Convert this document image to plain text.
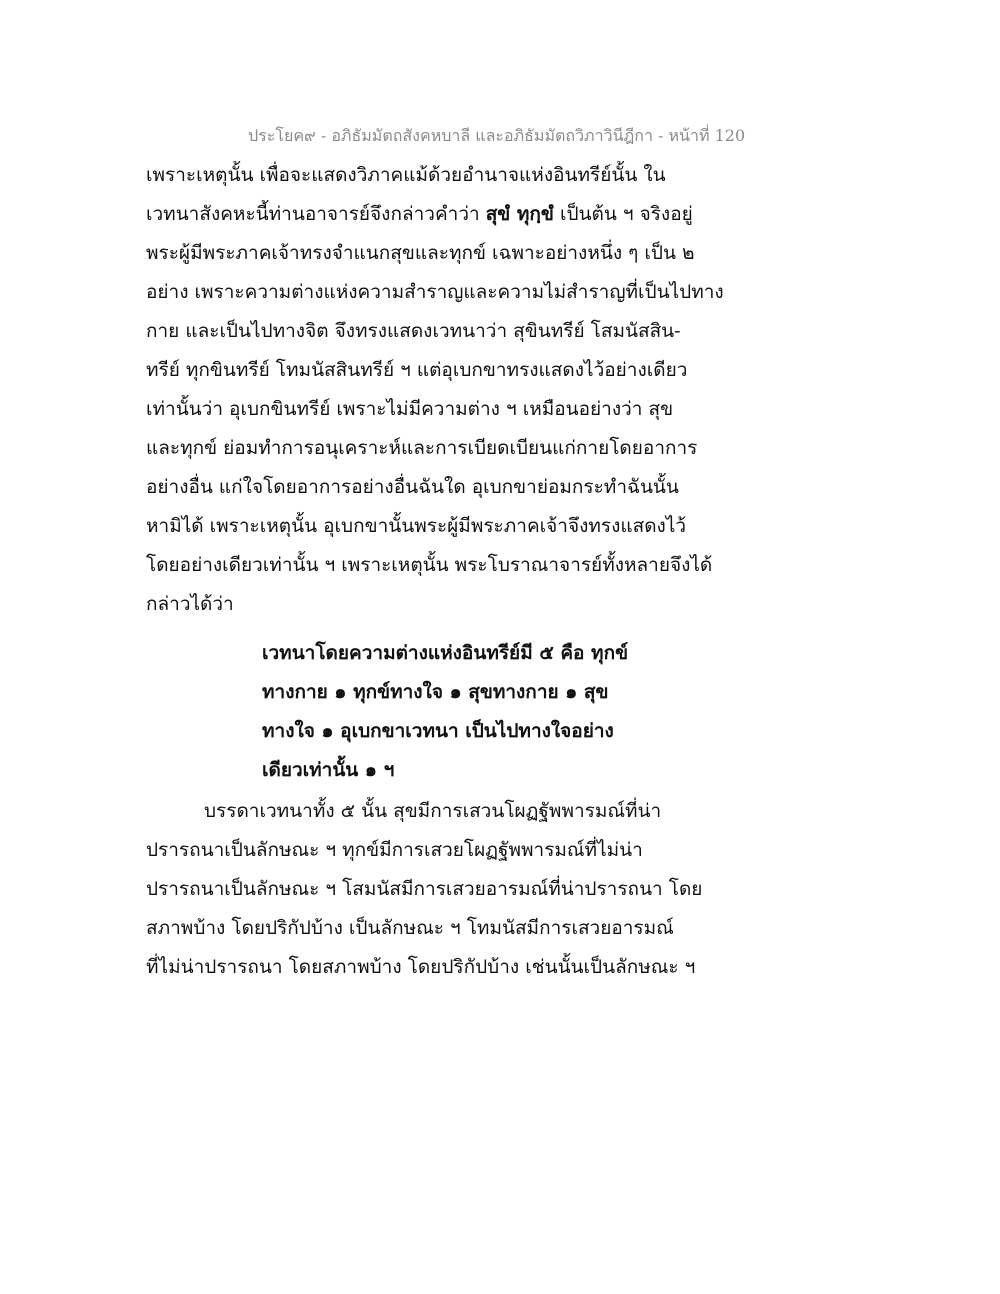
ประโยค๙ - อภิธัมมัตถสังคหบาลี และอภิธัมมัตถวิภาวินีฎีกา - หน้าที่ 120
เพราะเหตุนั้น เพื่อจะแสดงวิภาคแม้ด้วยอำนาจแห่งอินทรีย์นั้น ใน
เวทนาสังคหะนี้ท่านอาจารย์จึงกล่าวคำว่า สุขํ ทุกฺขํ เป็นต้น ฯ จริงอยู่
พระผู้มีพระภาคเจ้าทรงจำแนกสุขและทุกข์ เฉพาะอย่างหนึ่ง ๆ เป็น ๒
อย่าง เพราะความต่างแห่งความสำราญและความไม่สำราญที่เป็นไปทาง
กาย และเป็นไปทางจิต จึงทรงแสดงเวทนาว่า สุขินทรีย์ โสมนัสสิน-
ทรีย์ ทุกขินทรีย์ โทมนัสสินทรีย์ ฯ แต่อุเบกขาทรงแสดงไว้อย่างเดียว
เท่านั้นว่า อุเบกขินทรีย์ เพราะไม่มีความต่าง ฯ เหมือนอย่างว่า สุข
และทุกข์ ย่อมทำการอนุเคราะห์และการเบียดเบียนแก่กายโดยอาการ
อย่างอื่น แก่ใจโดยอาการอย่างอื่นฉันใด อุเบกขาย่อมกระทำฉันนั้น
หามิได้ เพราะเหตุนั้น อุเบกขานั้นพระผู้มีพระภาคเจ้าจึงทรงแสดงไว้
โดยอย่างเดียวเท่านั้น ฯ เพราะเหตุนั้น พระโบราณาจารย์ทั้งหลายจึงได้
กล่าวได้ว่า
เวทนาโดยความต่างแห่งอินทรีย์มี ๕ คือ ทุกข์
ทางกาย ๑ ทุกข์ทางใจ ๑ สุขทางกาย ๑ สุข
ทางใจ ๑ อุเบกขาเวทนา เป็นไปทางใจอย่าง
เดียวเท่านั้น ๑ ฯ
บรรดาเวทนาทั้ง ๕ นั้น สุขมีการเสวนโผฏฐัพพารมณ์ที่น่า
ปรารถนาเป็นลักษณะ ฯ ทุกข์มีการเสวยโผฏฐัพพารมณ์ที่ไม่น่า
ปรารถนาเป็นลักษณะ ฯ โสมนัสมีการเสวยอารมณ์ที่น่าปรารถนา โดย
สภาพบ้าง โดยปริกัปบ้าง เป็นลักษณะ ฯ โทมนัสมีการเสวยอารมณ์
ที่ไม่น่าปรารถนา โดยสภาพบ้าง โดยปริกัปบ้าง เช่นนั้นเป็นลักษณะ ฯ
